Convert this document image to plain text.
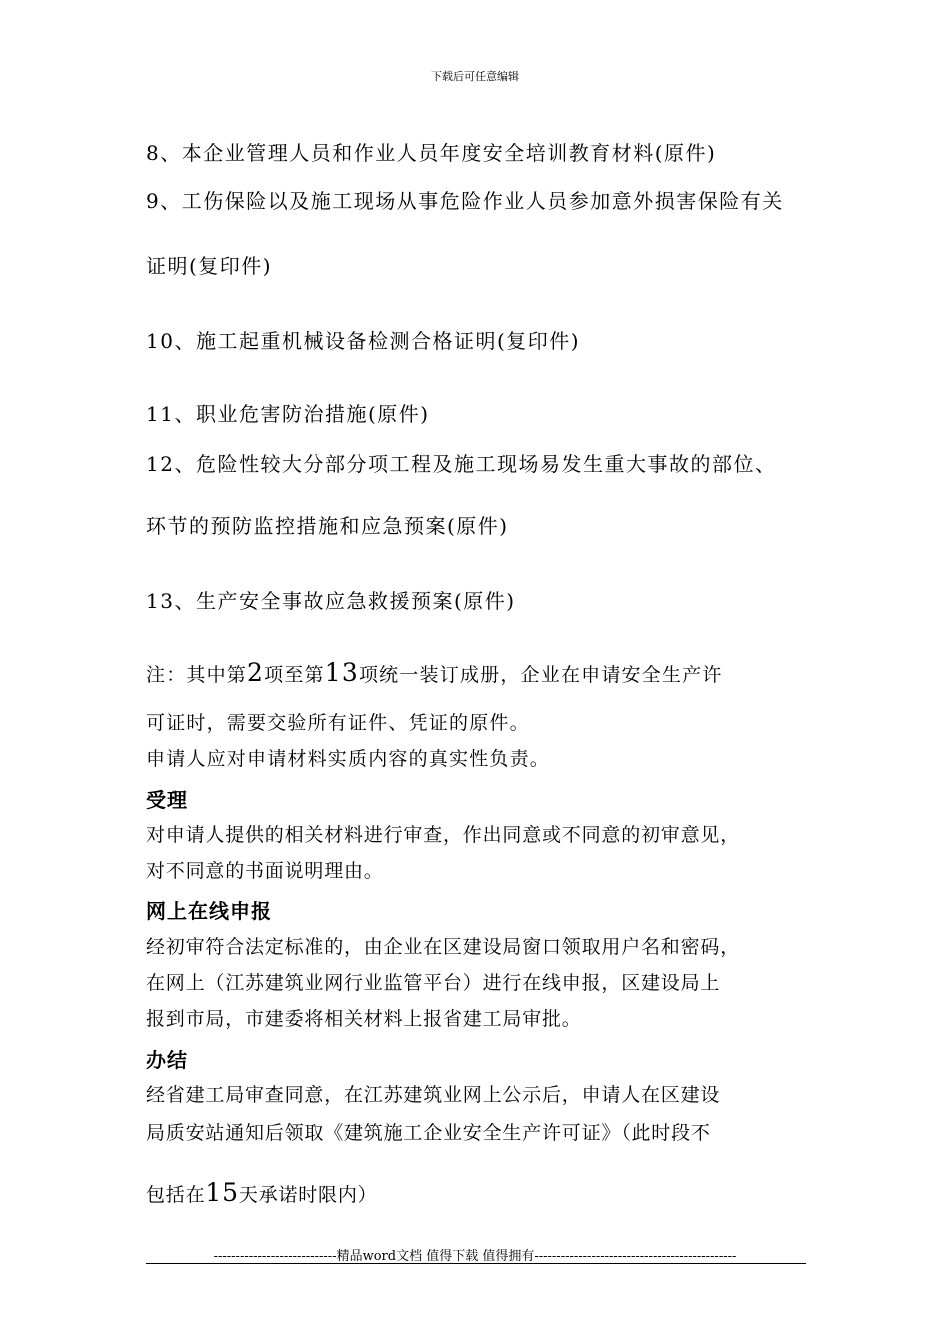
下载后可任意编辑
8、本企业管理人员和作业人员年度安全培训教育材料(原件)
9、工伤保险以及施工现场从事危险作业人员参加意外损害保险有关
证明(复印件)
10、施工起重机械设备检测合格证明(复印件)
11、职业危害防治措施(原件)
12、危险性较大分部分项工程及施工现场易发生重大事故的部位、
环节的预防监控措施和应急预案(原件)
13、生产安全事故应急救援预案(原件)
注：其中第2项至第13项统一装订成册，企业在申请安全生产许
可证时，需要交验所有证件、凭证的原件。
申请人应对申请材料实质内容的真实性负责。
受理
对申请人提供的相关材料进行审查，作出同意或不同意的初审意见，
对不同意的书面说明理由。
网上在线申报
经初审符合法定标准的，由企业在区建设局窗口领取用户名和密码，
在网上（江苏建筑业网行业监管平台）进行在线申报，区建设局上
报到市局，市建委将相关材料上报省建工局审批。
办结
经省建工局审查同意，在江苏建筑业网上公示后，申请人在区建设
局质安站通知后领取《建筑施工企业安全生产许可证》（此时段不
包括在15天承诺时限内）
----------------------------精品word文档 值得下载 值得拥有----------------------------------------------
